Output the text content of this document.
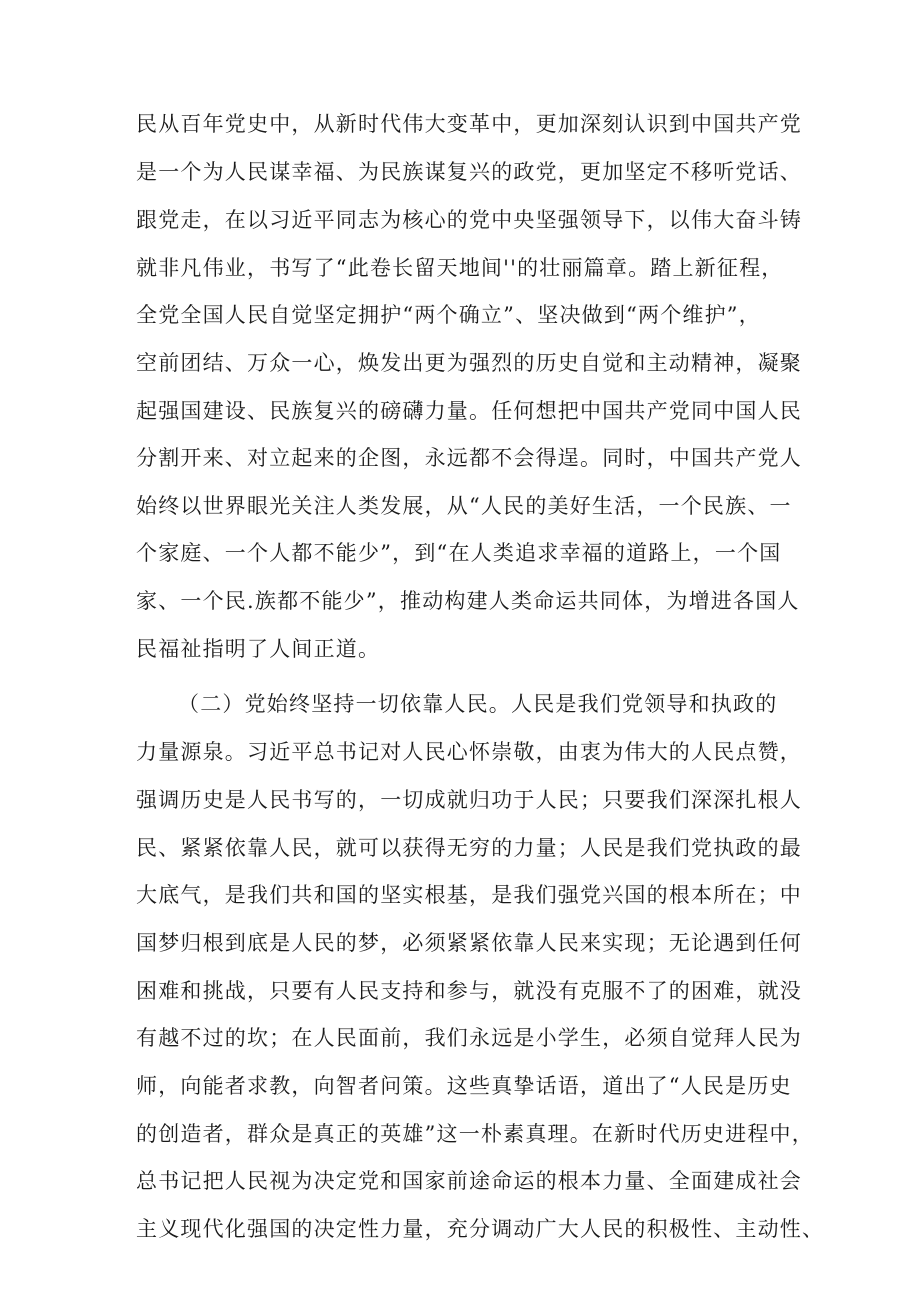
民从百年党史中，从新时代伟大变革中，更加深刻认识到中国共产党
是一个为人民谋幸福、为民族谋复兴的政党，更加坚定不移听党话、
跟党走，在以习近平同志为核心的党中央坚强领导下，以伟大奋斗铸
就非凡伟业，书写了“此卷长留天地间''的壮丽篇章。踏上新征程，
全党全国人民自觉坚定拥护“两个确立”、坚决做到“两个维护”，
空前团结、万众一心，焕发出更为强烈的历史自觉和主动精神，凝聚
起强国建设、民族复兴的磅礴力量。任何想把中国共产党同中国人民
分割开来、对立起来的企图，永远都不会得逞。同时，中国共产党人
始终以世界眼光关注人类发展，从“人民的美好生活，一个民族、一
个家庭、一个人都不能少”，到“在人类追求幸福的道路上，一个国
家、一个民.族都不能少”，推动构建人类命运共同体，为增进各国人
民福祉指明了人间正道。
（二）党始终坚持一切依靠人民。人民是我们党领导和执政的
力量源泉。习近平总书记对人民心怀崇敬，由衷为伟大的人民点赞，
强调历史是人民书写的，一切成就归功于人民；只要我们深深扎根人
民、紧紧依靠人民，就可以获得无穷的力量；人民是我们党执政的最
大底气，是我们共和国的坚实根基，是我们强党兴国的根本所在；中
国梦归根到底是人民的梦，必须紧紧依靠人民来实现；无论遇到任何
困难和挑战，只要有人民支持和参与，就没有克服不了的困难，就没
有越不过的坎；在人民面前，我们永远是小学生，必须自觉拜人民为
师，向能者求教，向智者问策。这些真挚话语，道出了“人民是历史
的创造者，群众是真正的英雄”这一朴素真理。在新时代历史进程中，
总书记把人民视为决定党和国家前途命运的根本力量、全面建成社会
主义现代化强国的决定性力量，充分调动广大人民的积极性、主动性、
